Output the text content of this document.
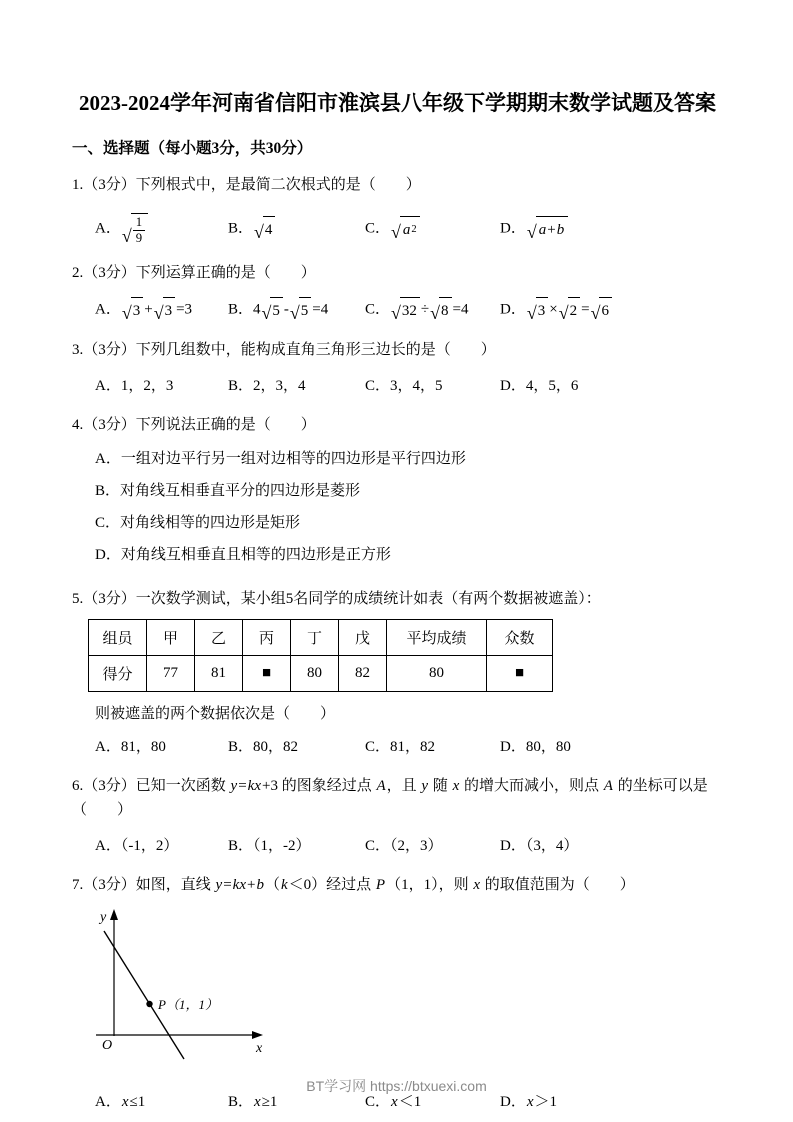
2023-2024学年河南省信阳市淮滨县八年级下学期期末数学试题及答案
一、选择题（每小题3分，共30分）
1.（3分）下列根式中，是最简二次根式的是（　　）
A． √ $\frac{1}{9}$	B． √ 4	C． √ a 2	D． √ a + b
2.（3分）下列运算正确的是（　　）
A． √ 3 + √ 3 =3	B．4 √ 5 - √ 5 =4	C． √ 32 ÷ √ 8 =4	D． √ 3 × √ 2 = √ 6
3.（3分）下列几组数中，能构成直角三角形三边长的是（　　）
A．1，2，3	B．2，3，4	C．3，4，5	D．4，5，6
4.（3分）下列说法正确的是（　　）
A．一组对边平行另一组对边相等的四边形是平行四边形
B．对角线互相垂直平分的四边形是菱形
C．对角线相等的四边形是矩形
D．对角线互相垂直且相等的四边形是正方形
5.（3分）一次数学测试，某小组5名同学的成绩统计如表（有两个数据被遮盖）：
组员	甲	乙	丙	丁	戊	平均成绩	众数
得分	77	81	■	80	82	80	■
则被遮盖的两个数据依次是（　　）
A．81，80	B．80，82	C．81，82	D．80，80
6.（3分）已知一次函数 y=kx+3 的图象经过点 A，且 y 随 x 的增大而减小，则点 A 的坐标可以是（　　）
A．（-1，2）	B．（1，-2）	C．（2，3）	D．（3，4）
7.（3分）如图，直线 y=kx+b（k＜0）经过点 P（1，1），则 x 的取值范围为（　　）
P（1，1）
y
x
O
A．x≤1	B．x≥1	C．x＜1	D．x＞1
BT学习网 https://btxuexi.com
